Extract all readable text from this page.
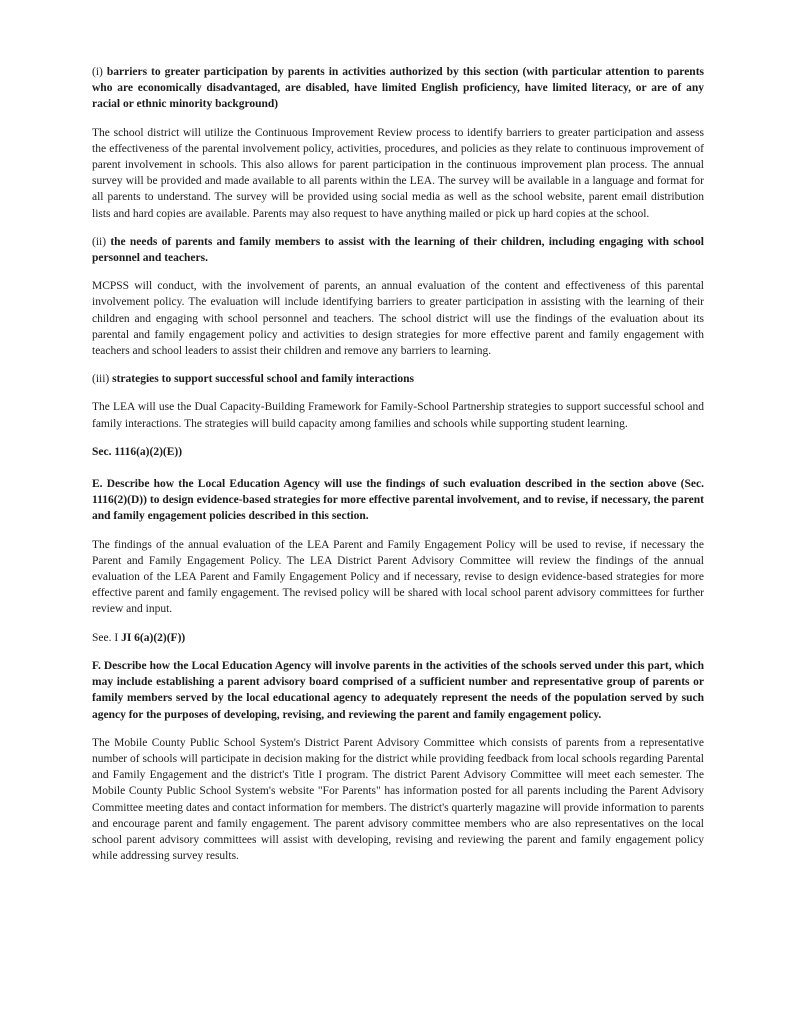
(i) barriers to greater participation by parents in activities authorized by this section (with particular attention to parents who are economically disadvantaged, are disabled, have limited English proficiency, have limited literacy, or are of any racial or ethnic minority background)

The school district will utilize the Continuous Improvement Review process to identify barriers to greater participation and assess the effectiveness of the parental involvement policy, activities, procedures, and policies as they relate to continuous improvement of parent involvement in schools. This also allows for parent participation in the continuous improvement plan process. The annual survey will be provided and made available to all parents within the LEA. The survey will be available in a language and format for all parents to understand. The survey will be provided using social media as well as the school website, parent email distribution lists and hard copies are available. Parents may also request to have anything mailed or pick up hard copies at the school.

(ii) the needs of parents and family members to assist with the learning of their children, including engaging with school personnel and teachers.

MCPSS will conduct, with the involvement of parents, an annual evaluation of the content and effectiveness of this parental involvement policy. The evaluation will include identifying barriers to greater participation in assisting with the learning of their children and engaging with school personnel and teachers. The school district will use the findings of the evaluation about its parental and family engagement policy and activities to design strategies for more effective parent and family engagement with teachers and school leaders to assist their children and remove any barriers to learning.

(iii) strategies to support successful school and family interactions

The LEA will use the Dual Capacity-Building Framework for Family-School Partnership strategies to support successful school and family interactions. The strategies will build capacity among families and schools while supporting student learning.

Sec. 1116(a)(2)(E))

E. Describe how the Local Education Agency will use the findings of such evaluation described in the section above (Sec. 1116(2)(D)) to design evidence-based strategies for more effective parental involvement, and to revise, if necessary, the parent and family engagement policies described in this section.

The findings of the annual evaluation of the LEA Parent and Family Engagement Policy will be used to revise, if necessary the Parent and Family Engagement Policy. The LEA District Parent Advisory Committee will review the findings of the annual evaluation of the LEA Parent and Family Engagement Policy and if necessary, revise to design evidence-based strategies for more effective parent and family engagement. The revised policy will be shared with local school parent advisory committees for further review and input.

See. I JI 6(a)(2)(F))

F. Describe how the Local Education Agency will involve parents in the activities of the schools served under this part, which may include establishing a parent advisory board comprised of a sufficient number and representative group of parents or family members served by the local educational agency to adequately represent the needs of the population served by such agency for the purposes of developing, revising, and reviewing the parent and family engagement policy.

The Mobile County Public School System's District Parent Advisory Committee which consists of parents from a representative number of schools will participate in decision making for the district while providing feedback from local schools regarding Parental and Family Engagement and the district's Title I program. The district Parent Advisory Committee will meet each semester. The Mobile County Public School System's website "For Parents" has information posted for all parents including the Parent Advisory Committee meeting dates and contact information for members. The district's quarterly magazine will provide information to parents and encourage parent and family engagement. The parent advisory committee members who are also representatives on the local school parent advisory committees will assist with developing, revising and reviewing the parent and family engagement policy while addressing survey results.
